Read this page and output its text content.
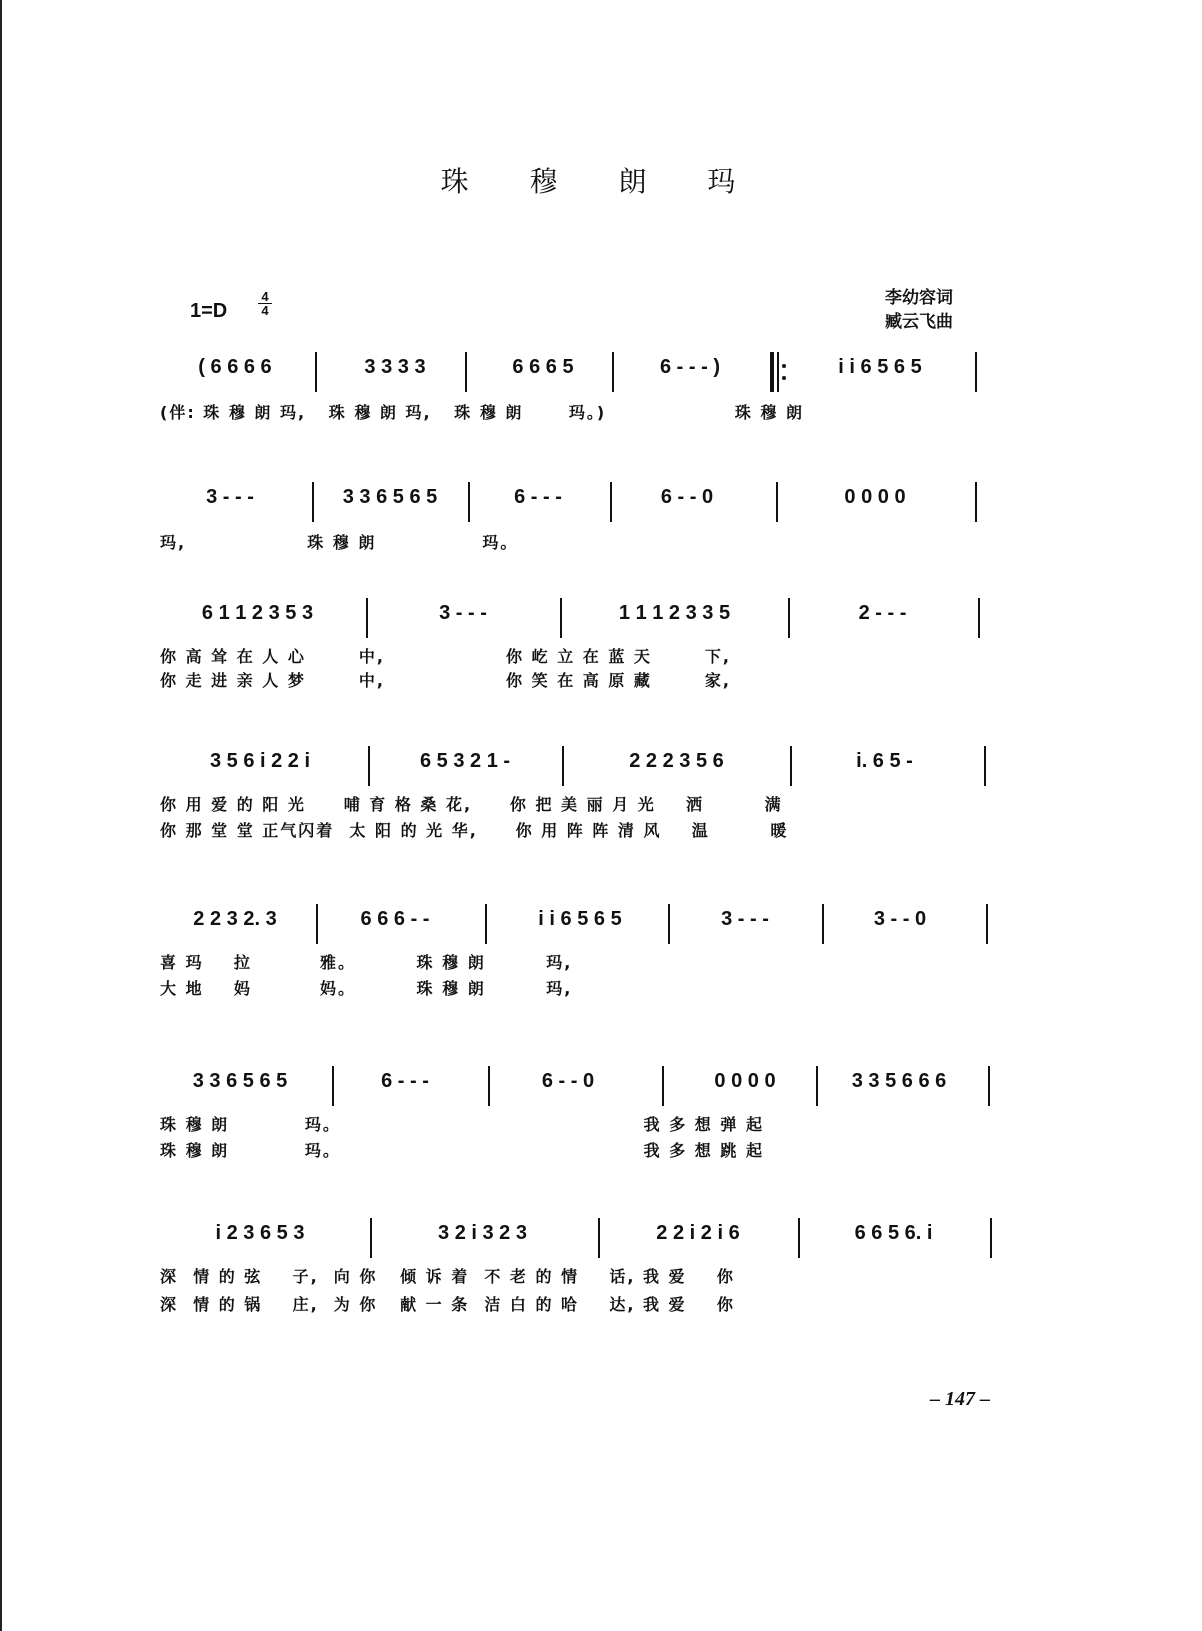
珠 穆 朗 玛
1=D
4
4
李幼容词
臧云飞曲
( 6 6 6 6	3 3 3 3	6 6 6 5	6 - - - )	i i 6 5 6 5
(伴: 珠 穆 朗 玛,   珠 穆 朗 玛,   珠 穆 朗      玛。)                 珠 穆 朗
3 - - -	3 3 6 5 6 5	6 - - -	6 - - 0	0 0 0 0
玛,                珠 穆 朗              玛。
6 1 1 2 3 5 3	3 - - -	1 1 1 2 3 3 5	2 - - -
你 高 耸 在 人 心       中,                你 屹 立 在 蓝 天       下,
你 走 进 亲 人 梦       中,                你 笑 在 高 原 藏       家,
3 5 6 i 2 2 i	6 5 3 2 1 -	2 2 2 3 5 6	i. 6 5 -
你 用 爱 的 阳 光     哺 育 格 桑 花,     你 把 美 丽 月 光    洒        满
你 那 堂 堂 正气闪着  太 阳 的 光 华,     你 用 阵 阵 清 风    温        暖
2 2 3 2. 3	6 6 6 - -	i i 6 5 6 5	3 - - -	3 - - 0
喜 玛    拉         雅。        珠 穆 朗        玛,
大 地    妈         妈。        珠 穆 朗        玛,
3 3 6 5 6 5	6 - - -	6 - - 0	0 0 0 0	3 3 5 6 6 6
珠 穆 朗          玛。                                        我 多 想 弹 起
珠 穆 朗          玛。                                        我 多 想 跳 起
i 2 3 6 5 3	3 2 i 3 2 3	2 2 i 2 i 6	6 6 5 6. i
深  情 的 弦    子,  向 你   倾 诉 着  不 老 的 情    话, 我 爱    你
深  情 的 锅    庄,  为 你   献 一 条  洁 白 的 哈    达, 我 爱    你
– 147 –
